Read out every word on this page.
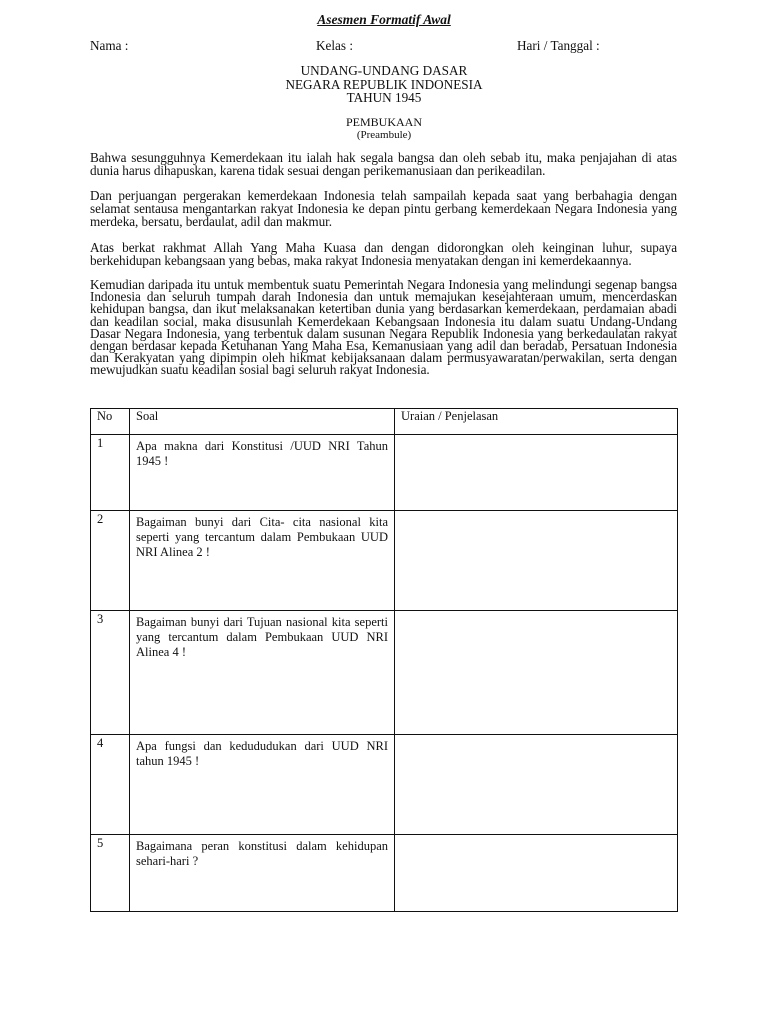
Asesmen Formatif Awal
Nama :	Kelas :	Hari / Tanggal :
UNDANG-UNDANG DASAR
NEGARA REPUBLIK INDONESIA
TAHUN 1945
PEMBUKAAN
(Preambule)

Bahwa sesungguhnya Kemerdekaan itu ialah hak segala bangsa dan oleh sebab itu, maka penjajahan di atas dunia harus dihapuskan, karena tidak sesuai dengan perikemanusiaan dan perikeadilan.

Dan perjuangan pergerakan kemerdekaan Indonesia telah sampailah kepada saat yang berbahagia dengan selamat sentausa mengantarkan rakyat Indonesia ke depan pintu gerbang kemerdekaan Negara Indonesia yang merdeka, bersatu, berdaulat, adil dan makmur.

Atas berkat rakhmat Allah Yang Maha Kuasa dan dengan didorongkan oleh keinginan luhur, supaya berkehidupan kebangsaan yang bebas, maka rakyat Indonesia menyatakan dengan ini kemerdekaannya.

Kemudian daripada itu untuk membentuk suatu Pemerintah Negara Indonesia yang melindungi segenap bangsa Indonesia dan seluruh tumpah darah Indonesia dan untuk memajukan kesejahteraan umum, mencerdaskan kehidupan bangsa, dan ikut melaksanakan ketertiban dunia yang berdasarkan kemerdekaan, perdamaian abadi dan keadilan social, maka disusunlah Kemerdekaan Kebangsaan Indonesia itu dalam suatu Undang-Undang Dasar Negara Indonesia, yang terbentuk dalam susunan Negara Republik Indonesia yang berkedaulatan rakyat dengan berdasar kepada Ketuhanan Yang Maha Esa, Kemanusiaan yang adil dan beradab, Persatuan Indonesia dan Kerakyatan yang dipimpin oleh hikmat kebijaksanaan dalam permusyawaratan/perwakilan, serta dengan mewujudkan suatu keadilan sosial bagi seluruh rakyat Indonesia.

No	Soal	Uraian / Penjelasan

1	Apa makna dari Konstitusi /UUD NRI Tahun 1945 !	

2	Bagaiman bunyi dari Cita- cita nasional kita seperti yang tercantum dalam Pembukaan UUD NRI Alinea 2 !	

3	Bagaiman bunyi dari Tujuan nasional kita seperti yang tercantum dalam Pembukaan UUD NRI Alinea 4 !	

4	Apa fungsi dan kedududukan dari UUD NRI tahun 1945 !	

5	Bagaimana peran konstitusi dalam kehidupan sehari-hari ?	
